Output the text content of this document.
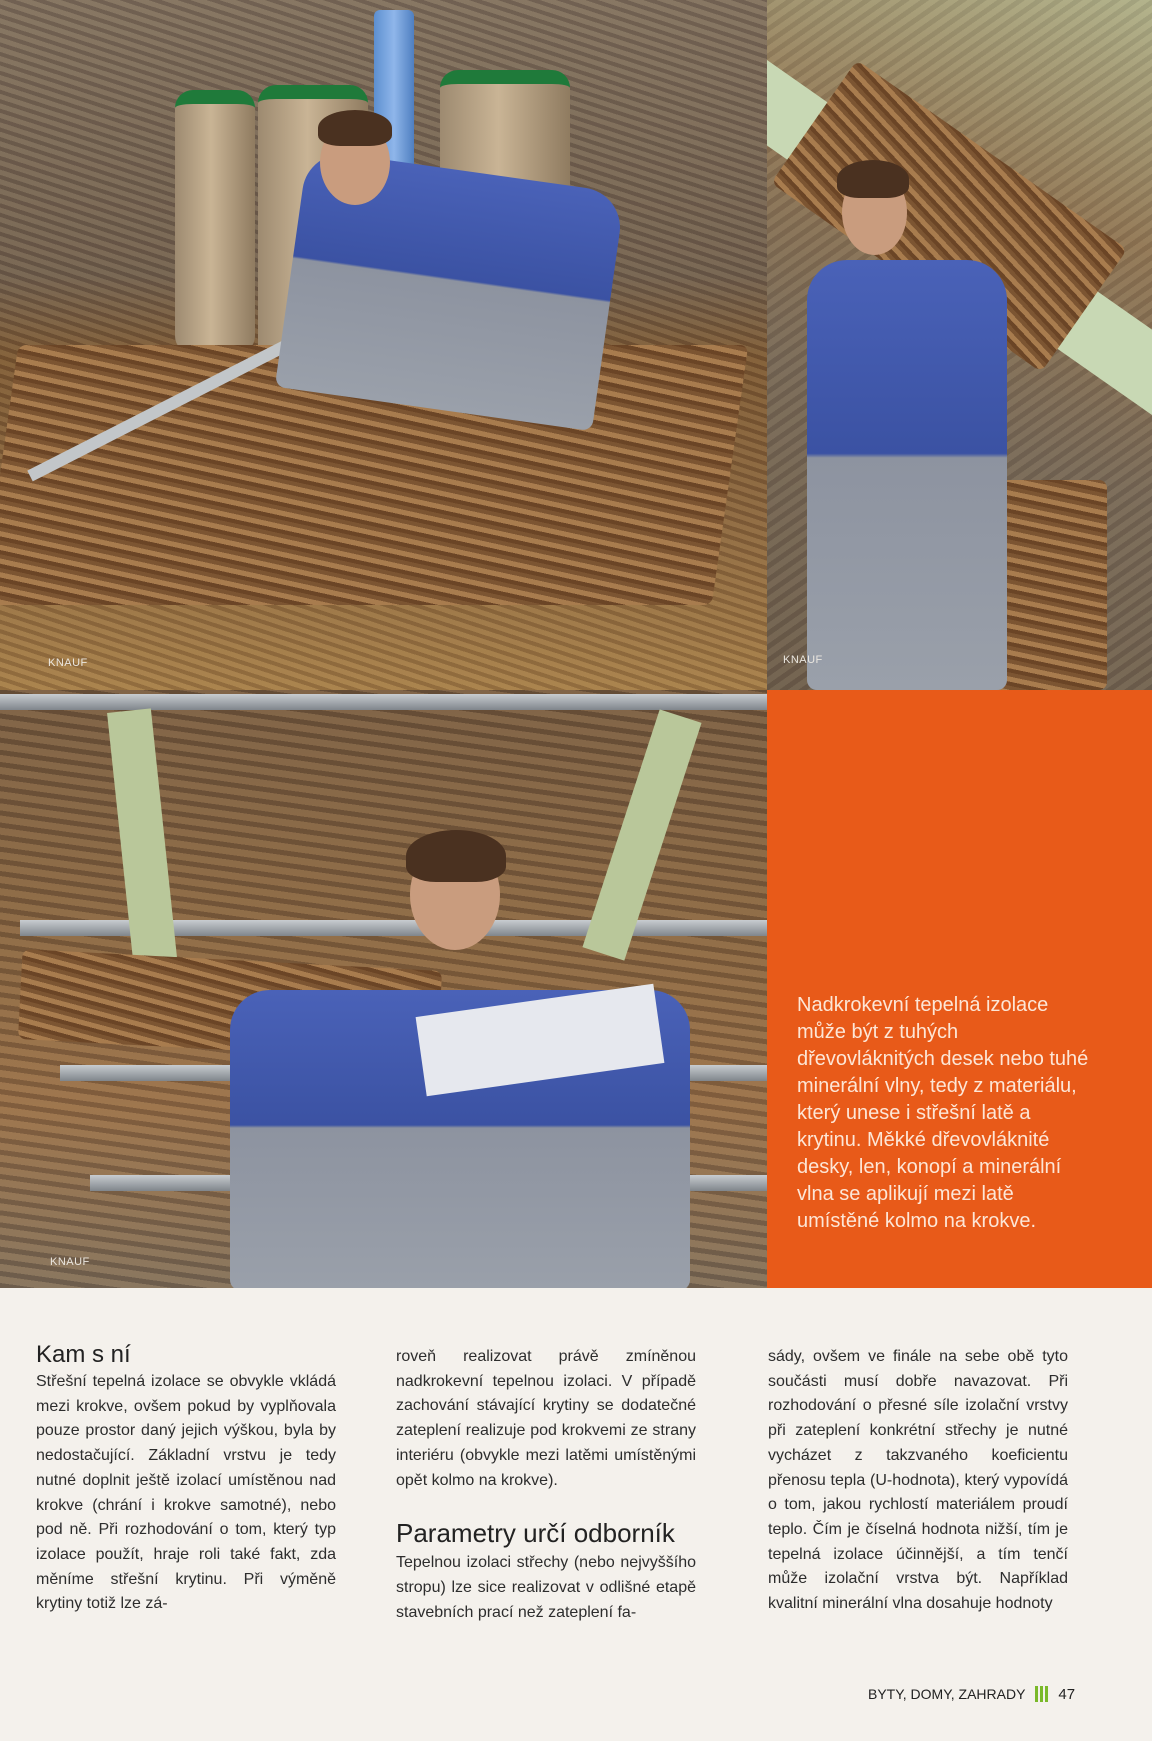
KNAUF	KNAUF
KNAUF

Nadkrokevní tepelná izolace může být z tuhých dřevovláknitých desek nebo tuhé minerální vlny, tedy z materiálu, který unese i střešní latě a krytinu. Měkké dřevovláknité desky, len, konopí a minerální vlna se aplikují mezi latě umístěné kolmo na krokve.

Kam s ní

Střešní tepelná izolace se obvykle vkládá mezi krokve, ovšem pokud by vyplňovala pouze prostor daný jejich výškou, byla by nedostačující. Základní vrstvu je tedy nutné doplnit ještě izolací umístěnou nad krokve (chrání i krokve samotné), nebo pod ně. Při rozhodování o tom, který typ izolace použít, hraje roli také fakt, zda měníme střešní krytinu. Při výměně krytiny totiž lze zá-

roveň realizovat právě zmíněnou nadkrokevní tepelnou izolaci. V případě zachování stávající krytiny se dodatečné zateplení realizuje pod krokvemi ze strany interiéru (obvykle mezi latěmi umístěnými opět kolmo na krokve).

Parametry určí odborník

Tepelnou izolaci střechy (nebo nejvyššího stropu) lze sice realizovat v odlišné etapě stavebních prací než zateplení fa-

sády, ovšem ve finále na sebe obě tyto součásti musí dobře navazovat. Při rozhodování o přesné síle izolační vrstvy při zateplení konkrétní střechy je nutné vycházet z takzvaného koeficientu přenosu tepla (U-hodnota), který vypovídá o tom, jakou rychlostí materiálem proudí teplo. Čím je číselná hodnota nižší, tím je tepelná izolace účinnější, a tím tenčí může izolační vrstva být. Například kvalitní minerální vlna dosahuje hodnoty

BYTY, DOMY, ZAHRADY 47
